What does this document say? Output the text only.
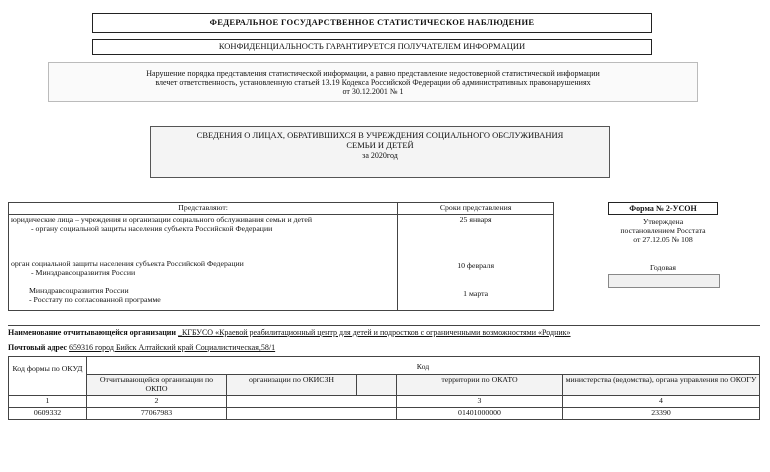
ФЕДЕРАЛЬНОЕ ГОСУДАРСТВЕННОЕ СТАТИСТИЧЕСКОЕ НАБЛЮДЕНИЕ
КОНФИДЕНЦИАЛЬНОСТЬ ГАРАНТИРУЕТСЯ ПОЛУЧАТЕЛЕМ ИНФОРМАЦИИ
Нарушение порядка представления статистической информации, а равно представление недостоверной статистической информации
влечет ответственность, установленную статьей 13.19 Кодекса Российской Федерации об административных правонарушениях
от 30.12.2001 № 1
СВЕДЕНИЯ О ЛИЦАХ, ОБРАТИВШИХСЯ В УЧРЕЖДЕНИЯ СОЦИАЛЬНОГО ОБСЛУЖИВАНИЯ
СЕМЬИ И ДЕТЕЙ
за 2020год
Представляют:	Сроки представления

юридические лица – учреждения и организации социального обслуживания семьи и детей
- органу социальной защиты населения субъекта Российской Федерации	25 января

орган социальной защиты населения субъекта Российской Федерации
- Минздравсоцразвития России	10 февраля

Минздравсоцразвития России
- Росстату по согласованной программе	1 марта
Форма № 2-УСОН
Утверждена
постановлением Росстата
от 27.12.05 № 108
Годовая
Наименование отчитывающейся организации _КГБУСО «Краевой реабилитационный центр для детей и подростков с ограниченными возможностями «Родник»
Почтовый адрес 659316 город Бийск Алтайский край Социалистическая,58/1
Код формы по ОКУД	Код				
	Отчитывающейся организации по ОКПО	организации по ОКИСЗН		территории по ОКАТО	министерства (ведомства), органа управления по ОКОГУ
1	2			3	4
0609332	77067983			01401000000	23390
